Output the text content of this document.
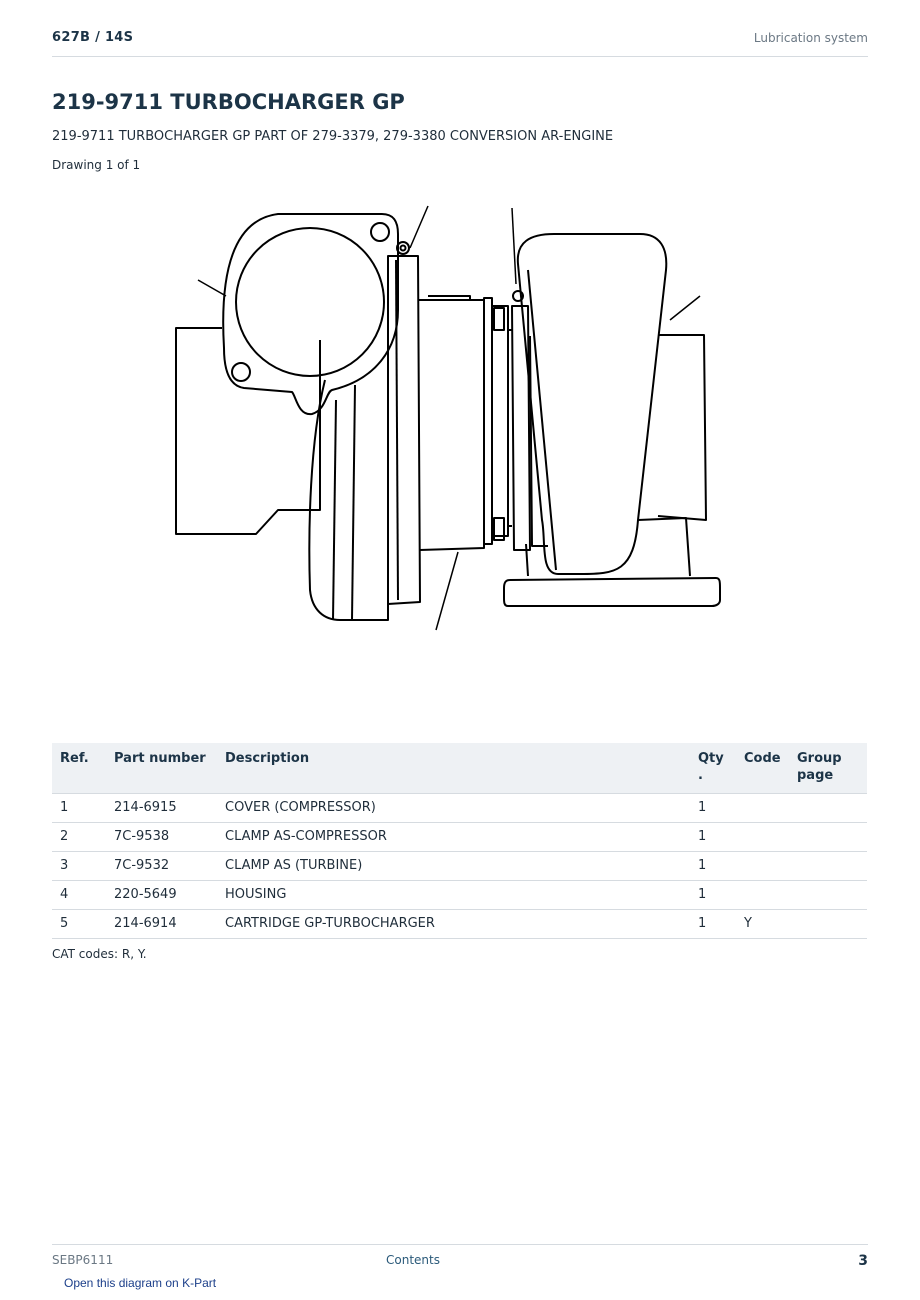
627B / 14S	Lubrication system
219-9711 TURBOCHARGER GP
219-9711 TURBOCHARGER GP PART OF 279-3379, 279-3380 CONVERSION AR-ENGINE
Drawing 1 of 1
Ref.	Part number	Description	Qty .	Code	Group page
1	214-6915	COVER (COMPRESSOR)	1		
2	7C-9538	CLAMP AS-COMPRESSOR	1		
3	7C-9532	CLAMP AS (TURBINE)	1		
4	220-5649	HOUSING	1		
5	214-6914	CARTRIDGE GP-TURBOCHARGER	1	Y	
CAT codes: R, Y.
SEBP6111	Contents	3
Open this diagram on K-Part
